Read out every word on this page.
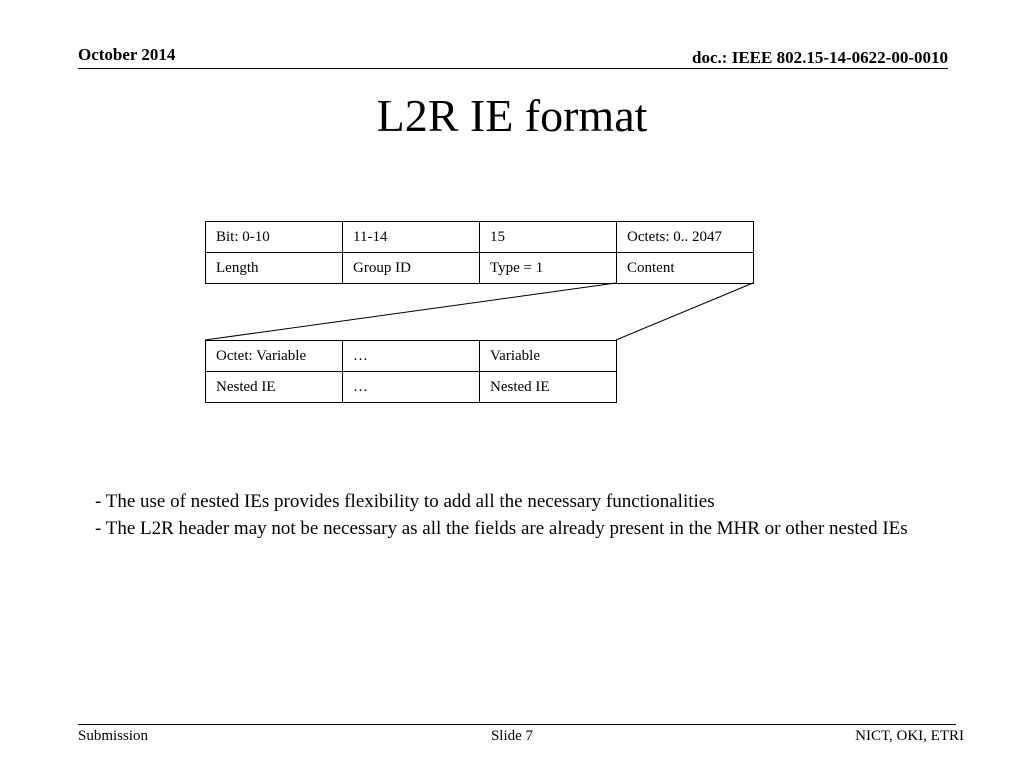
October 2014	doc.: IEEE 802.15-14-0622-00-0010
L2R IE format
Bit: 0-10	11-14	15	Octets: 0.. 2047
Length	Group ID	Type = 1	Content
Octet: Variable	…	Variable
Nested IE	…	Nested IE
- The use of nested IEs provides flexibility to add all the necessary functionalities
- The L2R header may not be necessary as all the fields are already present in the MHR or other nested IEs
Submission	Slide 7	NICT, OKI, ETRI
